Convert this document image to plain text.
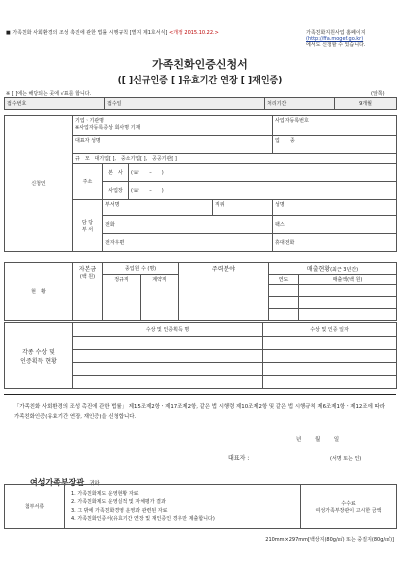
■ 가족친화 사회환경의 조성 촉진에 관한 법률 시행규칙 [별지 제1호서식] <개정 2015.10.22.>	가족친화지원사업 홈페이지
(http://ffa.mogef.go.kr)
에서도 신청할 수 있습니다.
가족친화인증신청서
([ ]신규인증 [ ]유효기간 연장 [ ]재인증)
※ [ ]에는 해당되는 곳에 √표를 합니다.	(앞쪽)
접수번호	접수일	처리기간	9개월
신청인	기업ㆍ기관명
※사업자등록증상 회사명 기재				사업자등록번호
	대표자 성명				업　　종
	규　모 대기업[ ], 중소기업[ ], 공공기관[ ]				
	주소	본　사	(☏　　–　　)		
		사업장	(☏　　–　　)		
	담 당
부 서	부서명		직위	성명
		전화			팩스
		전자우편			휴대전화
현　황	자본금
(백 원)	종업원 수 (명)		주력분야	매출현황(최근 3년간)	
		정규직	계약직		연도	매출액(백 원)

각종 수상 및
인증획득 현황	수상 및 인증획득 명	수상 및 인증 일자

「가족친화 사회환경의 조성 촉진에 관한 법률」 제15조제2항ㆍ제17조제2항, 같은 법 시행령 제10조제2항 및 같은 법 시행규칙 제6조제1항ㆍ제12조에 따라 가족친화인증(유효기간 연장, 재인증)을 신청합니다.
년	월	일
대표자 :	(서명 또는 인)
여성가족부장관 귀하
첨부서류	
1. 가족친화제도 운영현황 자료
2. 가족친화제도 운영실적 및 자체평가 결과
3. 그 밖에 가족친화경영 운영과 관련된 자료
4. 가족친화인증서(유효기간 연장 및 재인증인 경우만 제출합니다)

수수료
여성가족부장관이 고시한 금액
210mm×297mm[백상지(80g/㎡) 또는 중질지(80g/㎡)]
